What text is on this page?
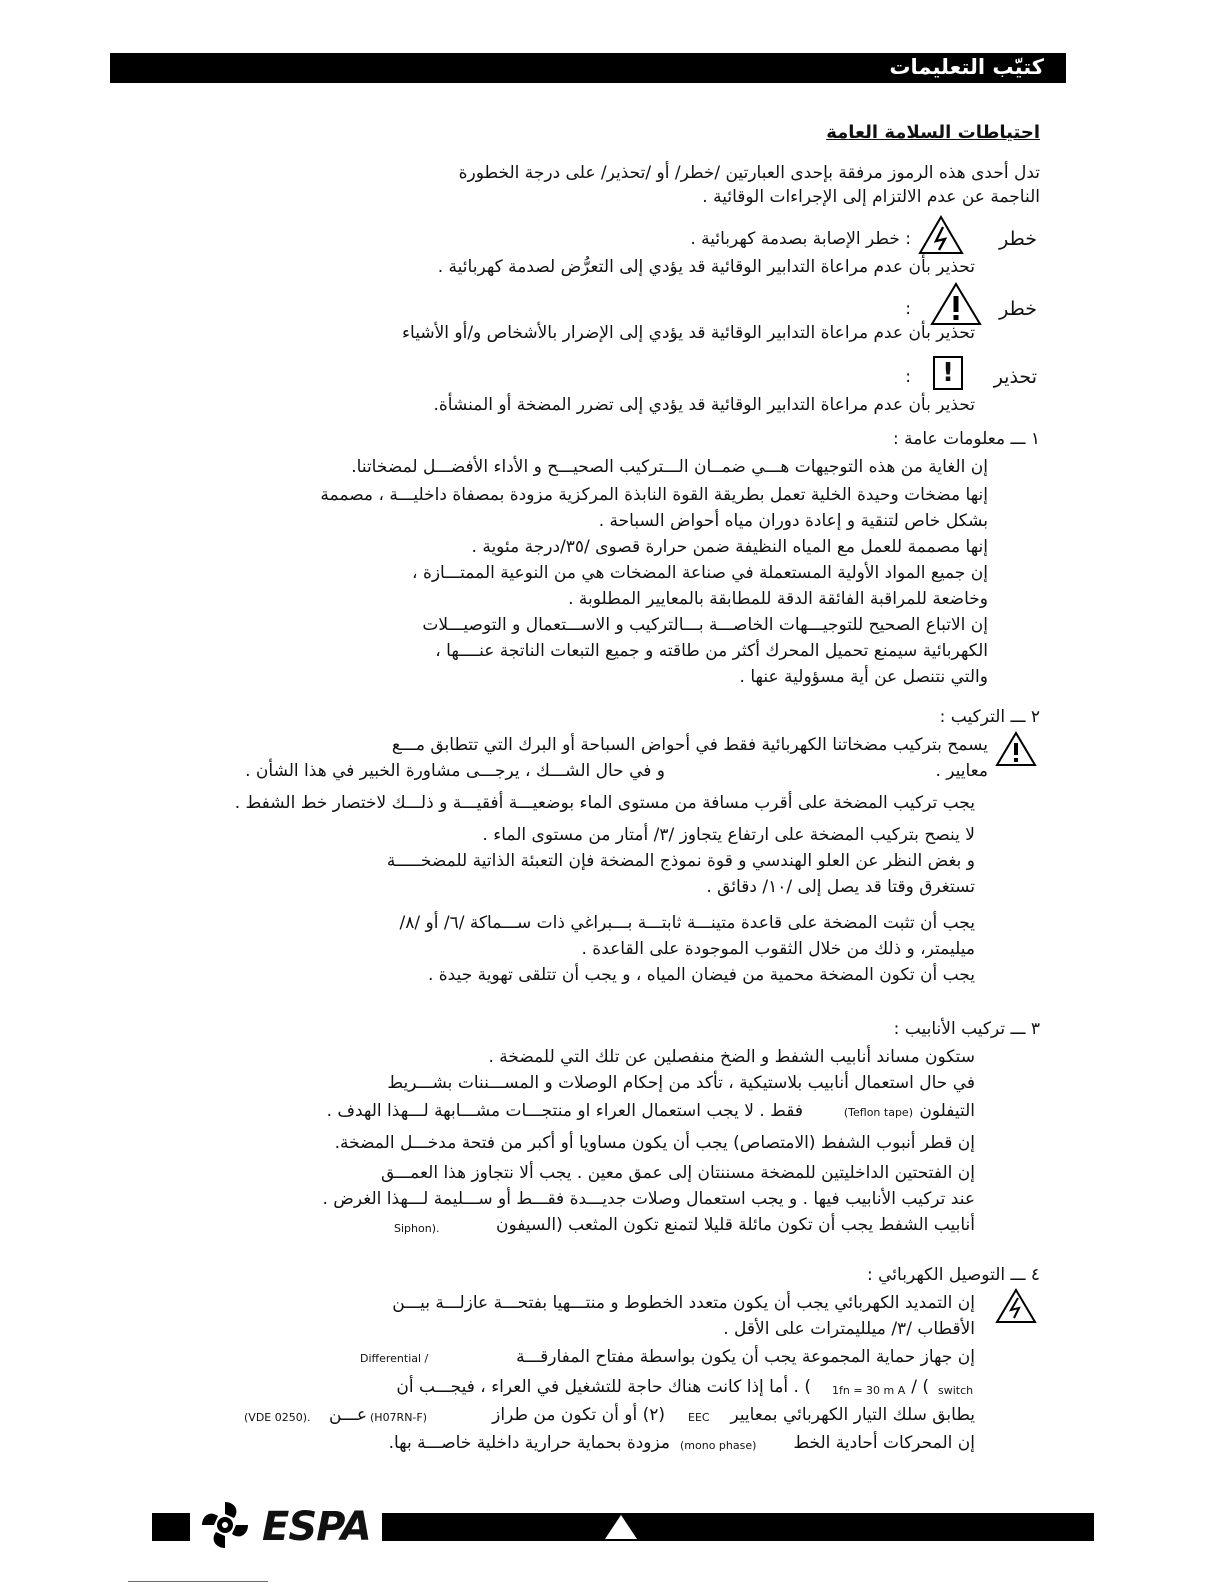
كتيّب التعليمات
احتياطات السلامة العامة
تدل أحدى هذه الرموز مرفقة بإحدى العبارتين /خطر/ أو /تحذير/ على درجة الخطورة
الناجمة عن عدم الالتزام إلى الإجراءات الوقائية .
خطر
: خطر الإصابة بصدمة كهربائية .
تحذير بأن عدم مراعاة التدابير الوقائية قد يؤدي إلى التعرُّض لصدمة كهربائية .
خطر
:
تحذير بأن عدم مراعاة التدابير الوقائية قد يؤدي إلى الإضرار بالأشخاص و/أو الأشياء
تحذير
!
:
تحذير بأن عدم مراعاة التدابير الوقائية قد يؤدي إلى تضرر المضخة أو المنشأة.
١ ـــ معلومات عامة :
إن الغاية من هذه التوجيهات هـــي ضمــان الـــتركيب الصحيـــح و الأداء الأفضـــل لمضخاتنا.
إنها مضخات وحيدة الخلية تعمل بطريقة القوة النابذة المركزية مزودة بمصفاة داخليـــة ، مصممة
بشكل خاص لتنقية و إعادة دوران مياه أحواض السباحة .
إنها مصممة للعمل مع المياه النظيفة ضمن حرارة قصوى /٣٥/درجة مئوية .
إن جميع المواد الأولية المستعملة في صناعة المضخات هي من النوعية الممتـــازة ،
وخاضعة للمراقبة الفائقة الدقة للمطابقة بالمعايير المطلوبة .
إن الاتباع الصحيح للتوجيـــهات الخاصـــة بـــالتركيب و الاســـتعمال و التوصيـــلات
الكهربائية سيمنع تحميل المحرك أكثر من طاقته و جميع التبعات الناتجة عنــــها ،
والتي نتنصل عن أية مسؤولية عنها .
٢ ـــ التركيب :
يسمح بتركيب مضخاتنا الكهربائية فقط في أحواض السباحة أو البرك التي تتطابق مـــع
معايير .
و في حال الشـــك ، يرجـــى مشاورة الخبير في هذا الشأن .
يجب تركيب المضخة على أقرب مسافة من مستوى الماء بوضعيـــة أفقيـــة و ذلـــك لاختصار خط الشفط .
لا ينصح بتركيب المضخة على ارتفاع يتجاوز /٣/ أمتار من مستوى الماء .
و بغض النظر عن العلو الهندسي و قوة نموذج المضخة فإن التعبئة الذاتية للمضخـــــة
تستغرق وقتا قد يصل إلى /١٠/ دقائق .
يجب أن تثبت المضخة على قاعدة متينـــة ثابتـــة بـــبراغي ذات ســـماكة /٦/ أو /٨/
ميليمتر، و ذلك من خلال الثقوب الموجودة على القاعدة .
يجب أن تكون المضخة محمية من فيضان المياه ، و يجب أن تتلقى تهوية جيدة .
٣ ـــ تركيب الأنابيب :
ستكون مساند أنابيب الشفط و الضخ منفصلين عن تلك التي للمضخة .
في حال استعمال أنابيب بلاستيكية ، تأكد من إحكام الوصلات و المســـننات بشـــريط
التيفلون
(Teflon tape)
فقط . لا يجب استعمال العراء او منتجـــات مشـــابهة لـــهذا الهدف .
إن قطر أنبوب الشفط (الامتصاص) يجب أن يكون مساويا أو أكبر من فتحة مدخـــل المضخة.
إن الفتحتين الداخليتين للمضخة مسننتان إلى عمق معين . يجب ألا نتجاوز هذا العمـــق
عند تركيب الأنابيب فيها . و يجب استعمال وصلات جديـــدة فقـــط أو ســـليمة لـــهذا الغرض .
أنابيب الشفط يجب أن تكون مائلة قليلا لتمنع تكون المثعب (السيفون
Siphon).
٤ ـــ التوصيل الكهربائي :
إن التمديد الكهربائي يجب أن يكون متعدد الخطوط و منتـــهيا بفتحـــة عازلـــة بيـــن
الأقطاب /٣/ ميلليمترات على الأقل .
إن جهاز حماية المجموعة يجب أن يكون بواسطة مفتاح المفارقـــة
Differential /
switch
/ (
1fn = 30 m A
) . أما إذا كانت هناك حاجة للتشغيل في العراء ، فيجـــب أن
يطابق سلك التيار الكهربائي بمعايير
EEC
(٢) أو أن تكون من طراز
(H07RN-F)
عـــن
(VDE 0250).
إن المحركات أحادية الخط
(mono phase)
مزودة بحماية حرارية داخلية خاصـــة بها.
ESPA
